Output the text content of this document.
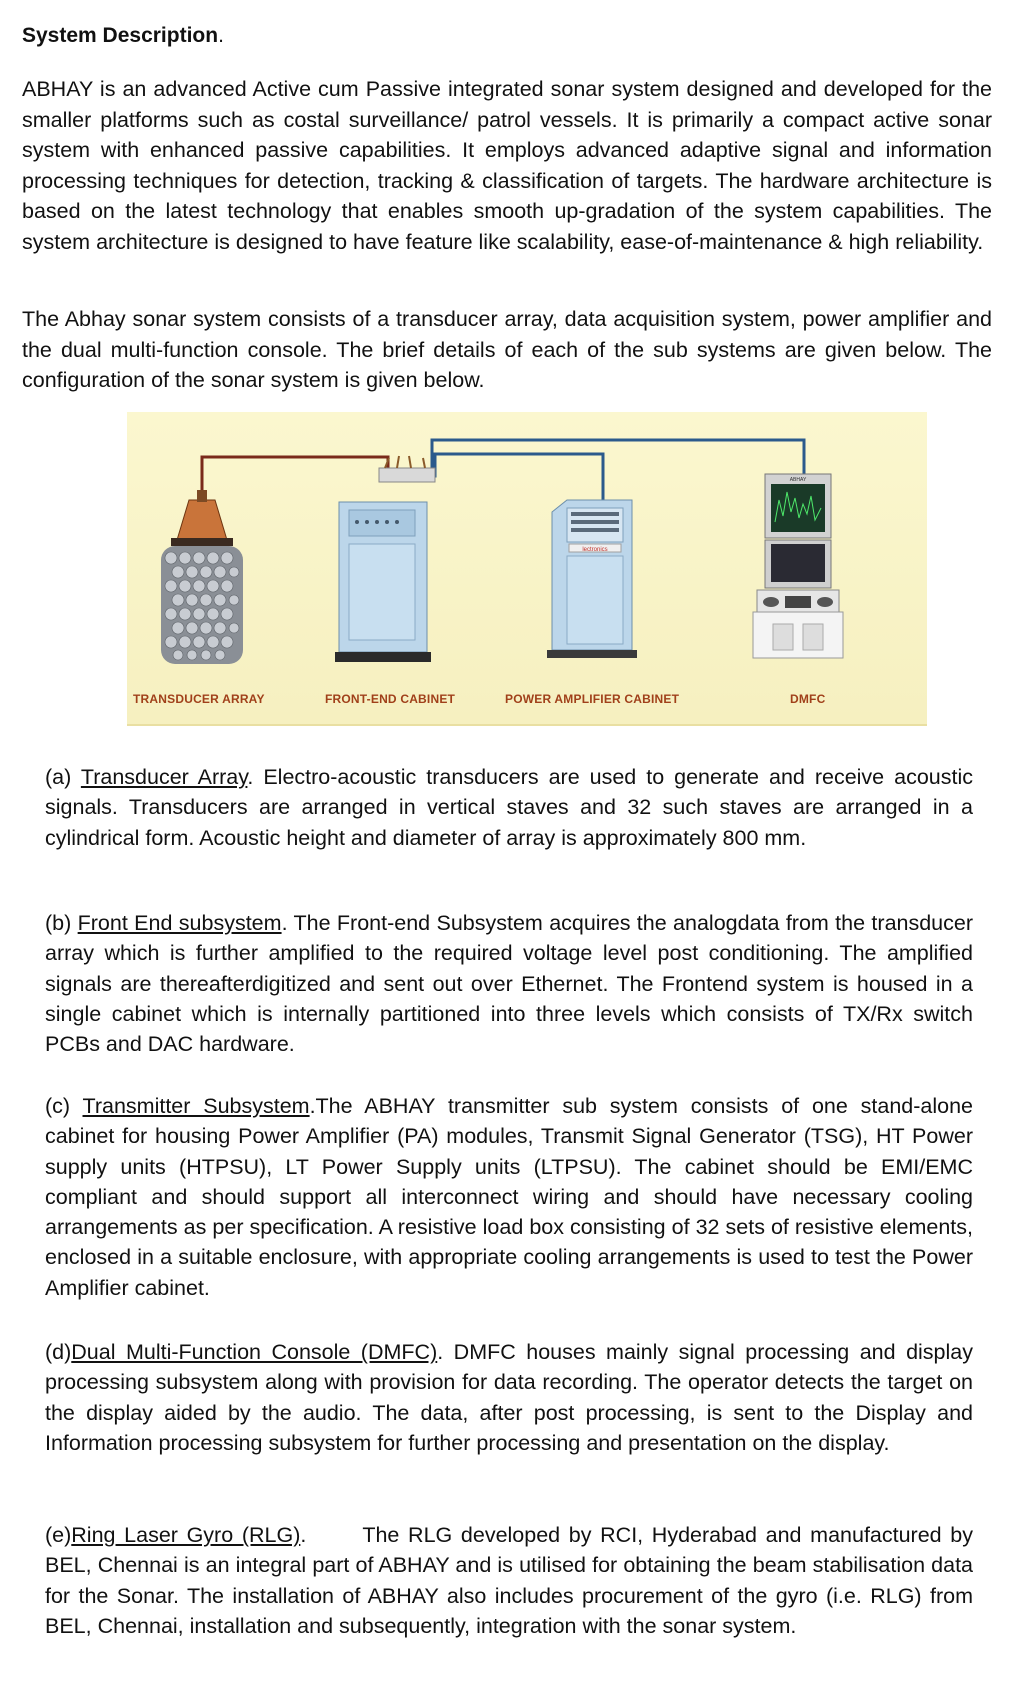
System Description.

ABHAY is an advanced Active cum Passive integrated sonar system designed and developed for the smaller platforms such as costal surveillance/ patrol vessels. It is primarily a compact active sonar system with enhanced passive capabilities. It employs advanced adaptive signal and information processing techniques for detection, tracking & classification of targets. The hardware architecture is based on the latest technology that enables smooth up-gradation of the system capabilities. The system architecture is designed to have feature like scalability, ease-of-maintenance & high reliability.

The Abhay sonar system consists of a transducer array, data acquisition system, power amplifier and the dual multi-function console. The brief details of each of the sub systems are given below. The configuration of the sonar system is given below.

lectronics
ABHAY
TRANSDUCER ARRAY	FRONT-END CABINET	POWER AMPLIFIER CABINET	DMFC

(a) Transducer Array. Electro-acoustic transducers are used to generate and receive acoustic signals. Transducers are arranged in vertical staves and 32 such staves are arranged in a cylindrical form. Acoustic height and diameter of array is approximately 800 mm.

(b) Front End subsystem. The Front-end Subsystem acquires the analogdata from the transducer array which is further amplified to the required voltage level post conditioning. The amplified signals are thereafterdigitized and sent out over Ethernet. The Frontend system is housed in a single cabinet which is internally partitioned into three levels which consists of TX/Rx switch PCBs and DAC hardware.

(c) Transmitter Subsystem.The ABHAY transmitter sub system consists of one stand-alone cabinet for housing Power Amplifier (PA) modules, Transmit Signal Generator (TSG), HT Power supply units (HTPSU), LT Power Supply units (LTPSU). The cabinet should be EMI/EMC compliant and should support all interconnect wiring and should have necessary cooling arrangements as per specification. A resistive load box consisting of 32 sets of resistive elements, enclosed in a suitable enclosure, with appropriate cooling arrangements is used to test the Power Amplifier cabinet.

(d)Dual Multi-Function Console (DMFC). DMFC houses mainly signal processing and display processing subsystem along with provision for data recording. The operator detects the target on the display aided by the audio. The data, after post processing, is sent to the Display and Information processing subsystem for further processing and presentation on the display.

(e)Ring Laser Gyro (RLG).	The RLG developed by RCI, Hyderabad and manufactured by BEL, Chennai is an integral part of ABHAY and is utilised for obtaining the beam stabilisation data for the Sonar. The installation of ABHAY also includes procurement of the gyro (i.e. RLG) from BEL, Chennai, installation and subsequently, integration with the sonar system.
